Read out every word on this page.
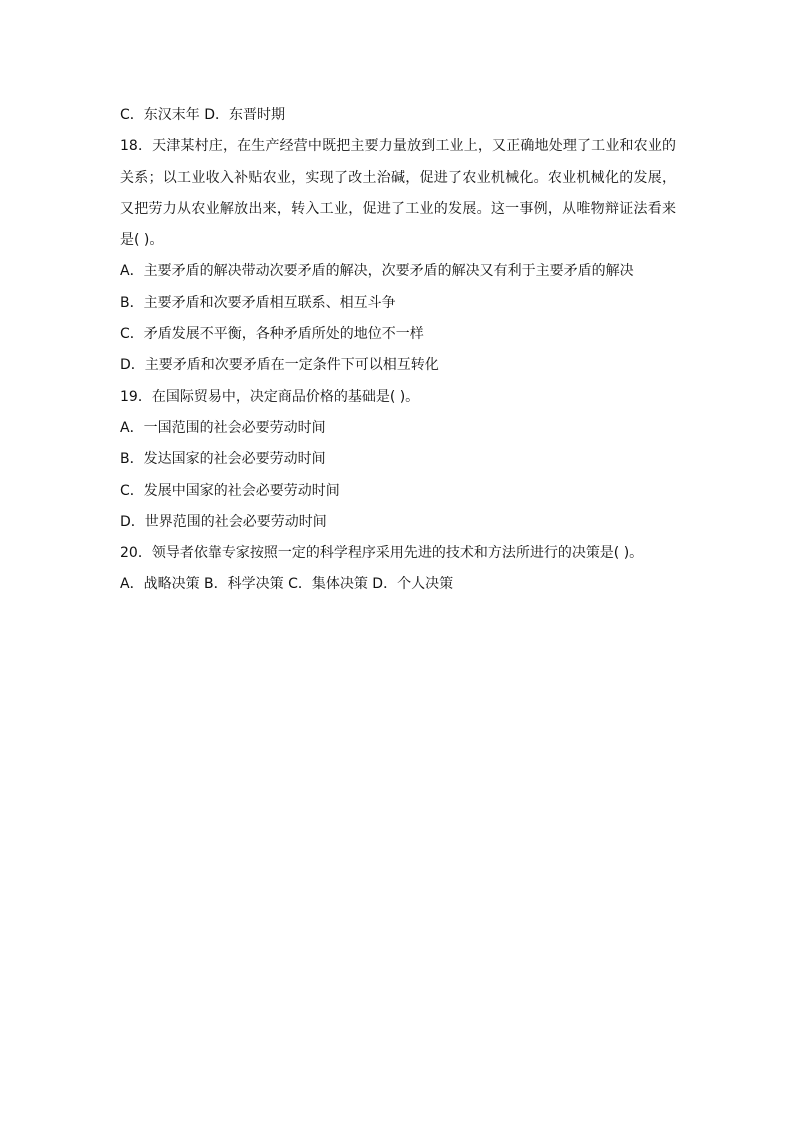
C．东汉末年 D．东晋时期

18．天津某村庄，在生产经营中既把主要力量放到工业上，又正确地处理了工业和农业的关系；以工业收入补贴农业，实现了改土治碱，促进了农业机械化。农业机械化的发展，又把劳力从农业解放出来，转入工业，促进了工业的发展。这一事例，从唯物辩证法看来是( )。

A．主要矛盾的解决带动次要矛盾的解决，次要矛盾的解决又有利于主要矛盾的解决

B．主要矛盾和次要矛盾相互联系、相互斗争

C．矛盾发展不平衡，各种矛盾所处的地位不一样

D．主要矛盾和次要矛盾在一定条件下可以相互转化

19．在国际贸易中，决定商品价格的基础是( )。

A．一国范围的社会必要劳动时间

B．发达国家的社会必要劳动时间

C．发展中国家的社会必要劳动时间

D．世界范围的社会必要劳动时间

20．领导者依靠专家按照一定的科学程序采用先进的技术和方法所进行的决策是( )。

A．战略决策 B．科学决策 C．集体决策 D．个人决策
